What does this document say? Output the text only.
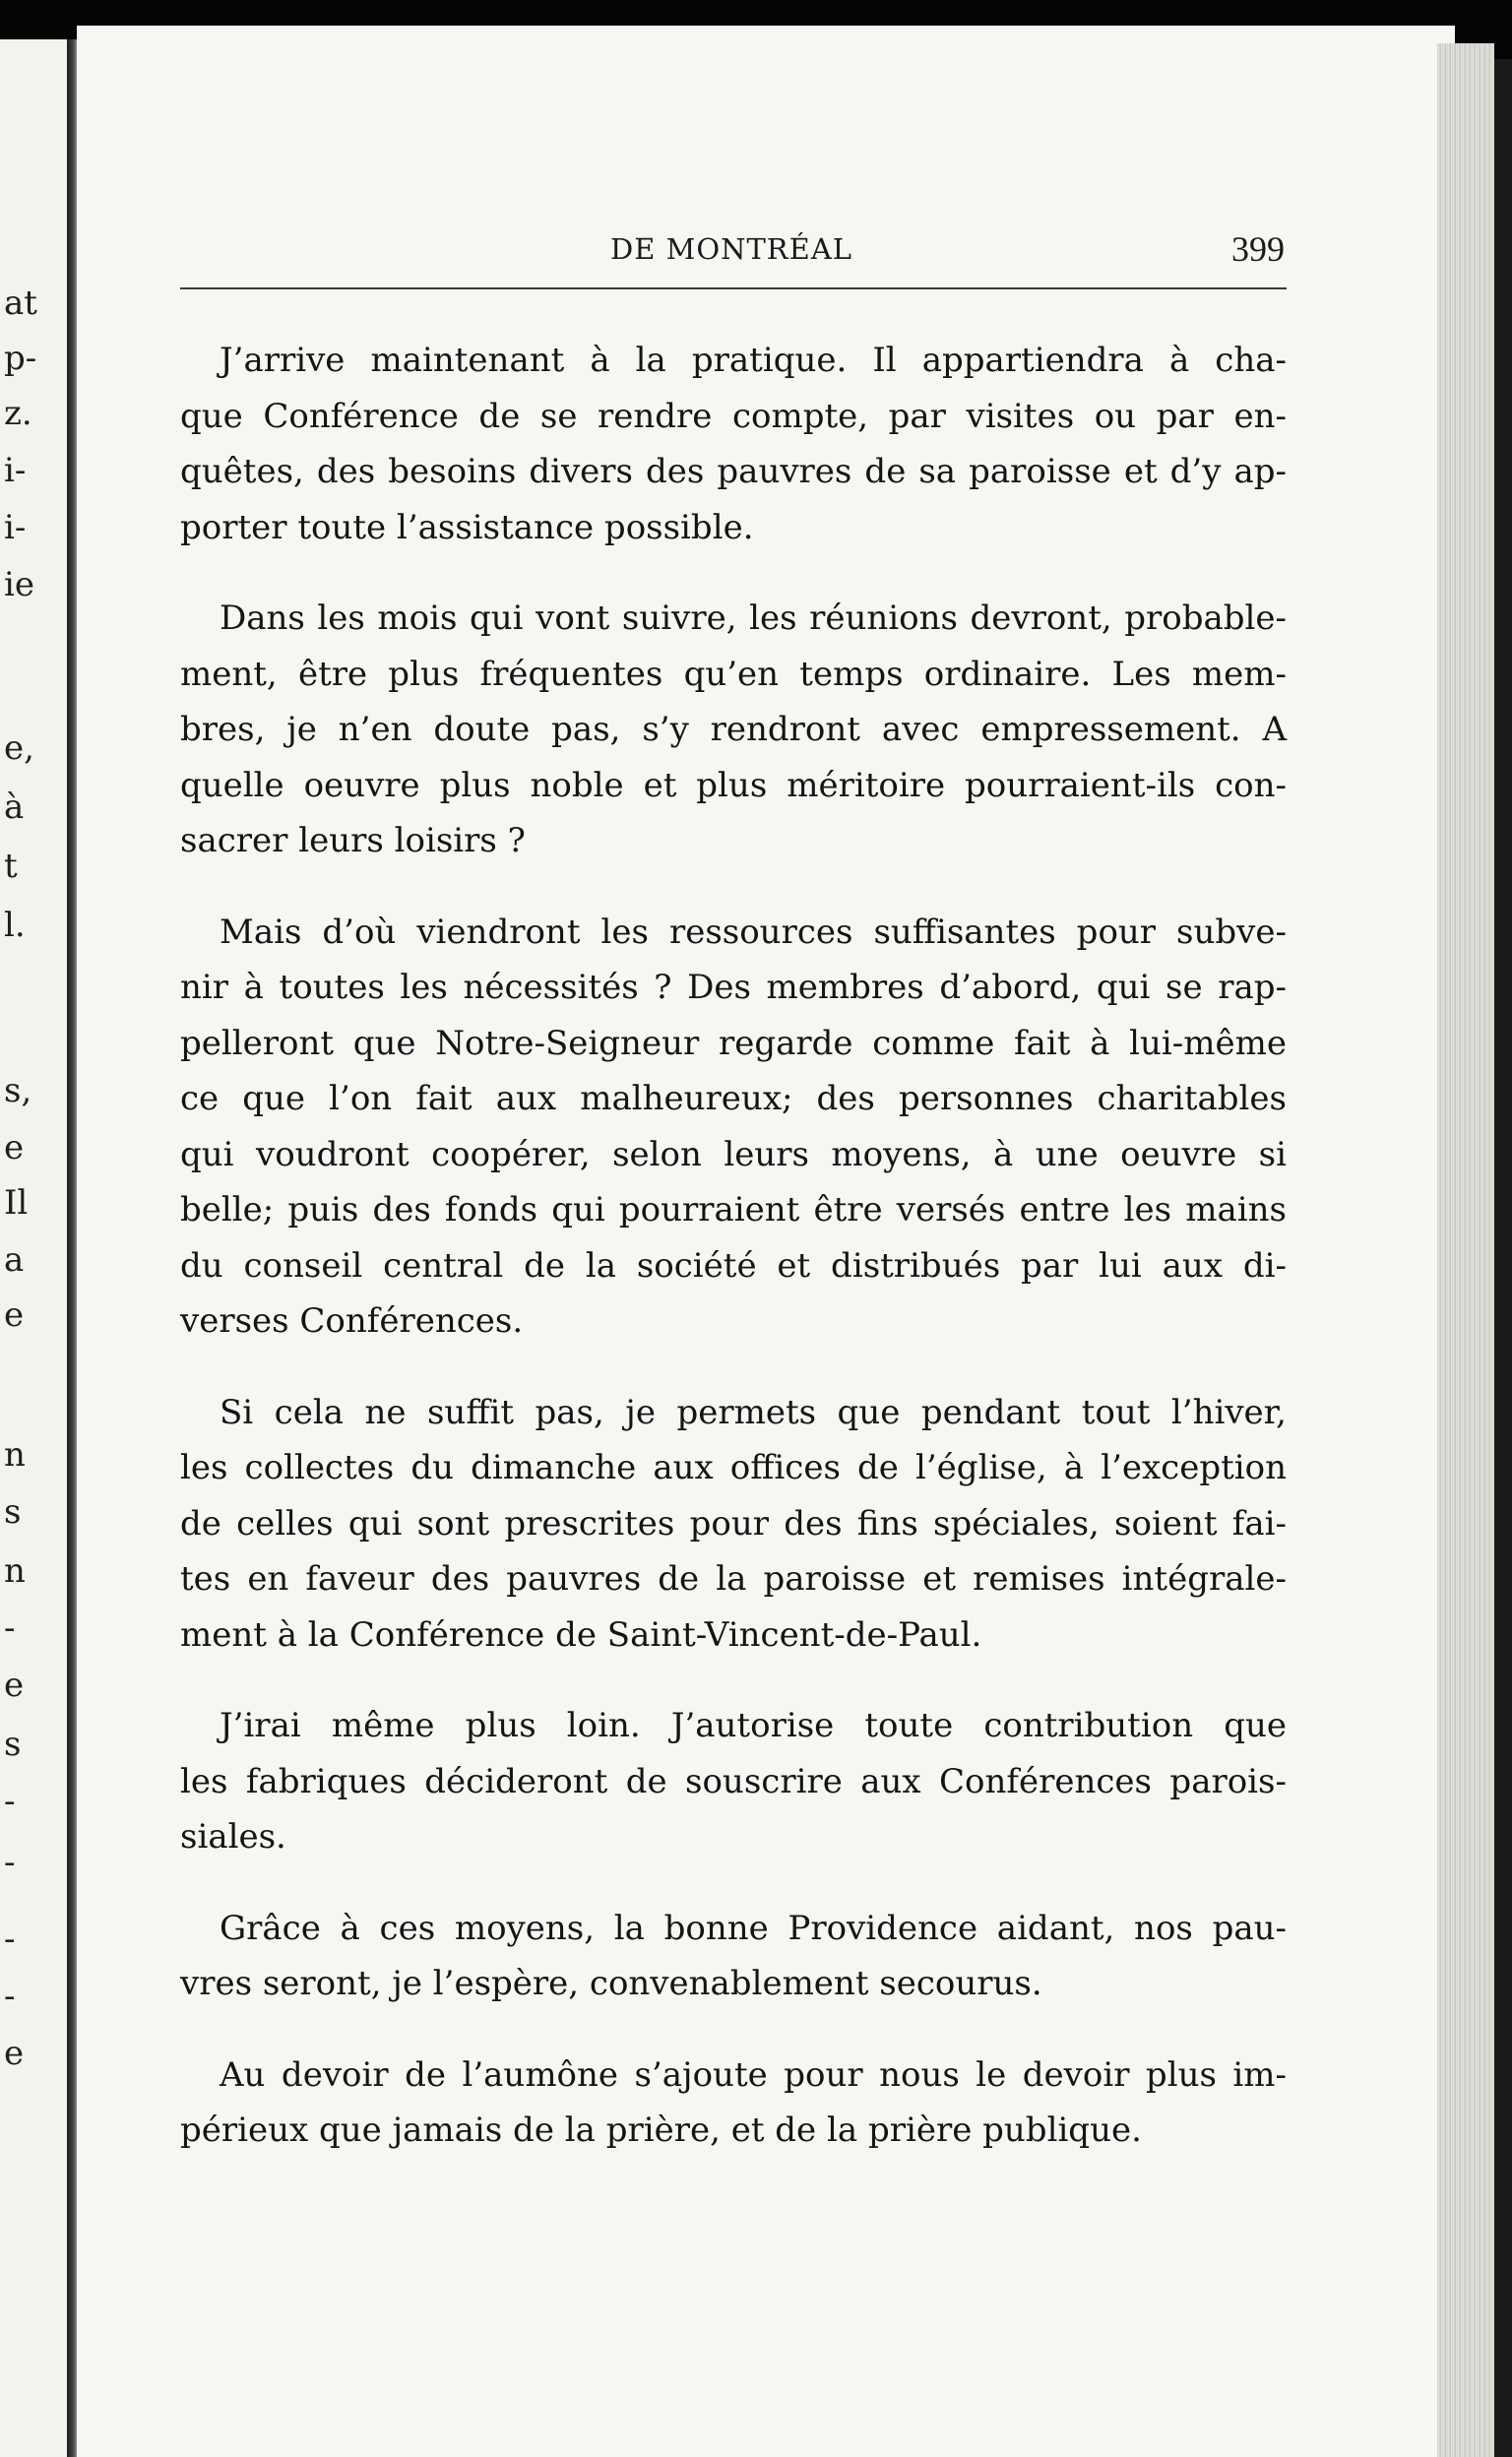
at
p-
z.
i-
i-
ie
e,
à
t
l.
s,
e
Il
a
e
n
s
n
-
e
s
-
-
-
-
e
DE MONTRÉAL	399
J’arrive maintenant à la pratique. Il appartiendra à cha-
que Conférence de se rendre compte, par visites ou par en-
quêtes, des besoins divers des pauvres de sa paroisse et d’y ap-
porter toute l’assistance possible.
Dans les mois qui vont suivre, les réunions devront, probable-
ment, être plus fréquentes qu’en temps ordinaire. Les mem-
bres, je n’en doute pas, s’y rendront avec empressement. A
quelle oeuvre plus noble et plus méritoire pourraient-ils con-
sacrer leurs loisirs ?
Mais d’où viendront les ressources suffisantes pour subve-
nir à toutes les nécessités ? Des membres d’abord, qui se rap-
pelleront que Notre-Seigneur regarde comme fait à lui-même
ce que l’on fait aux malheureux; des personnes charitables
qui voudront coopérer, selon leurs moyens, à une oeuvre si
belle; puis des fonds qui pourraient être versés entre les mains
du conseil central de la société et distribués par lui aux di-
verses Conférences.
Si cela ne suffit pas, je permets que pendant tout l’hiver,
les collectes du dimanche aux offices de l’église, à l’exception
de celles qui sont prescrites pour des fins spéciales, soient fai-
tes en faveur des pauvres de la paroisse et remises intégrale-
ment à la Conférence de Saint-Vincent-de-Paul.
J’irai même plus loin. J’autorise toute contribution que
les fabriques décideront de souscrire aux Conférences parois-
siales.
Grâce à ces moyens, la bonne Providence aidant, nos pau-
vres seront, je l’espère, convenablement secourus.
Au devoir de l’aumône s’ajoute pour nous le devoir plus im-
périeux que jamais de la prière, et de la prière publique.
